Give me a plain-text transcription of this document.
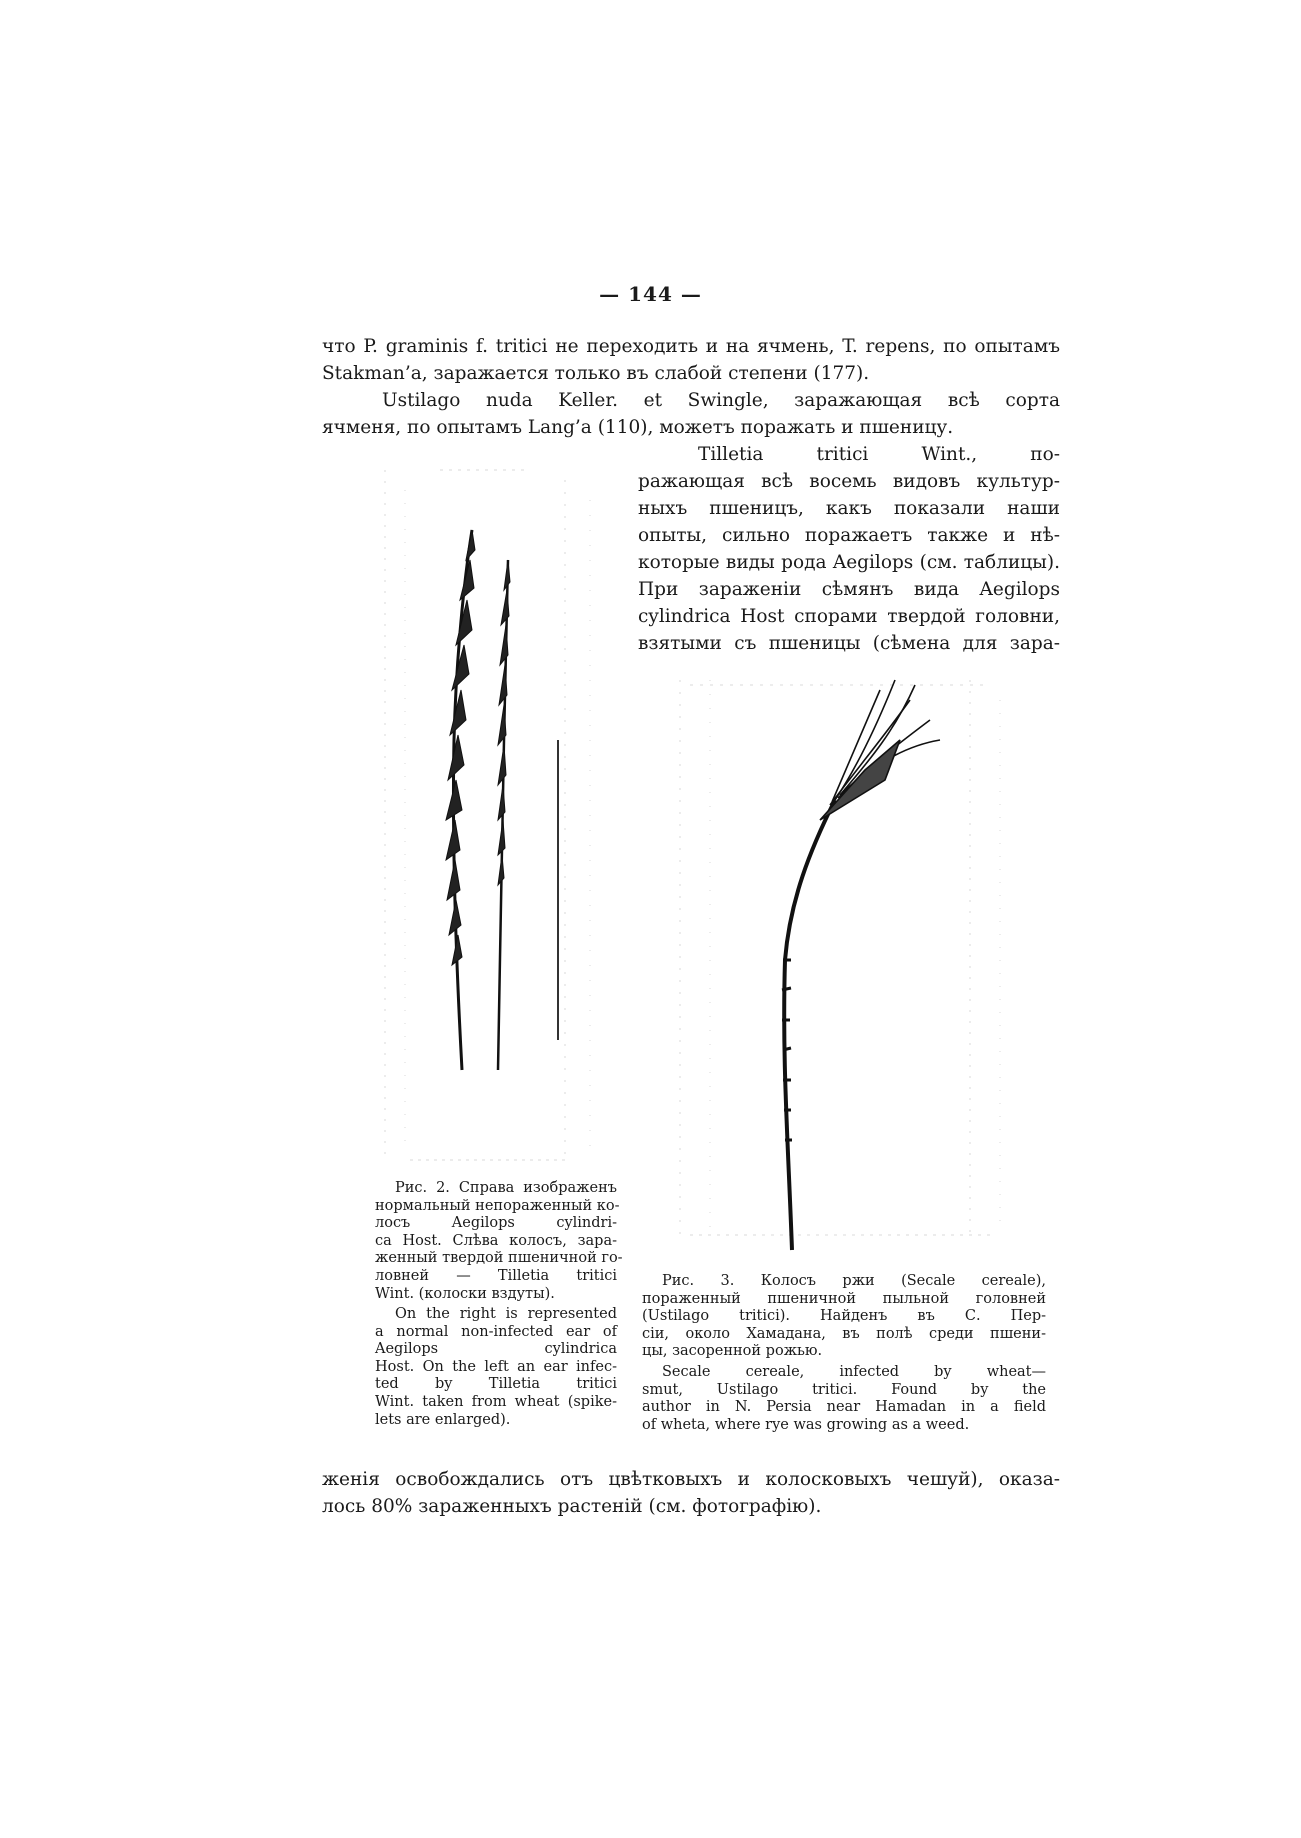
— 144 —
что P. graminis f. tritici не переходить и на ячмень, T. repens, по опытамъ
Stakman’a, заражается только въ слабой степени (177).
Ustilago nuda Keller. et Swingle, заражающая всѣ сорта
ячменя, по опытамъ Lang’a (110), можетъ поражать и пшеницу.
Tilletia tritici Wint., по-
ражающая всѣ восемь видовъ культур-
ныхъ пшеницъ, какъ показали наши
опыты, сильно поражаетъ также и нѣ-
которые виды рода Aegilops (см. таблицы).
При зараженiи сѣмянъ вида Aegilops
cylindrica Host спорами твердой головни,
взятыми съ пшеницы (сѣмена для зара-
Рис. 2. Справа изображенъ
нормальный непораженный ко-
лосъ Aegilops cylindri-
ca Host. Слѣва колосъ, зара-
женный твердой пшеничной го-
ловней — Tilletia tritici
Wint. (колоски вздуты).
On the right is represented
a normal non-infected ear of
Aegilops cylindrica
Host. On the left an ear infec-
ted by Tilletia tritici
Wint. taken from wheat (spike-
lets are enlarged).
Рис. 3. Колосъ ржи (Secale cereale),
пораженный пшеничной пыльной головней
(Ustilago tritici). Найденъ въ С. Пер-
сiи, около Хамадана, въ полѣ среди пшени-
цы, засоренной рожью.
Secale cereale, infected by wheat—
smut, Ustilago tritici. Found by the
author in N. Persia near Hamadan in a field
of wheta, where rye was growing as a weed.
женiя освобождались отъ цвѣтковыхъ и колосковыхъ чешуй), оказа-
лось 80% зараженныхъ растенiй (см. фотографiю).
